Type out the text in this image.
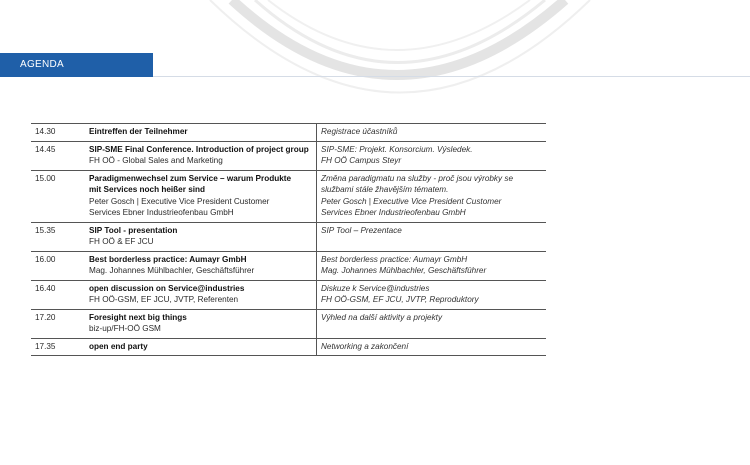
AGENDA
14.30	Eintreffen der Teilnehmer	Registrace účastníků

14.45	SIP-SME Final Conference. Introduction of project group
FH OÖ - Global Sales and Marketing	SIP-SME: Projekt. Konsorcium. Výsledek.
FH OÖ Campus Steyr

15.00	Paradigmenwechsel zum Service – warum Produkte
mit Services noch heißer sind
Peter Gosch | Executive Vice President Customer
Services Ebner Industrieofenbau GmbH	Změna paradigmatu na služby - proč jsou výrobky se
službami stále žhavějším tématem.
Peter Gosch | Executive Vice President Customer
Services Ebner Industrieofenbau GmbH

15.35	SIP Tool - presentation
FH OÖ & EF JCU	SIP Tool – Prezentace

16.00	Best borderless practice: Aumayr GmbH
Mag. Johannes Mühlbachler, Geschäftsführer	Best borderless practice: Aumayr GmbH
Mag. Johannes Mühlbachler, Geschäftsführer

16.40	open discussion on Service@industries
FH OÖ-GSM, EF JCU, JVTP, Referenten	Diskuze k Service@industries
FH OÖ-GSM, EF JCU, JVTP, Reproduktory

17.20	Foresight next big things
biz-up/FH-OÖ GSM	Výhled na další aktivity a projekty

17.35	open end party	Networking a zakončení
